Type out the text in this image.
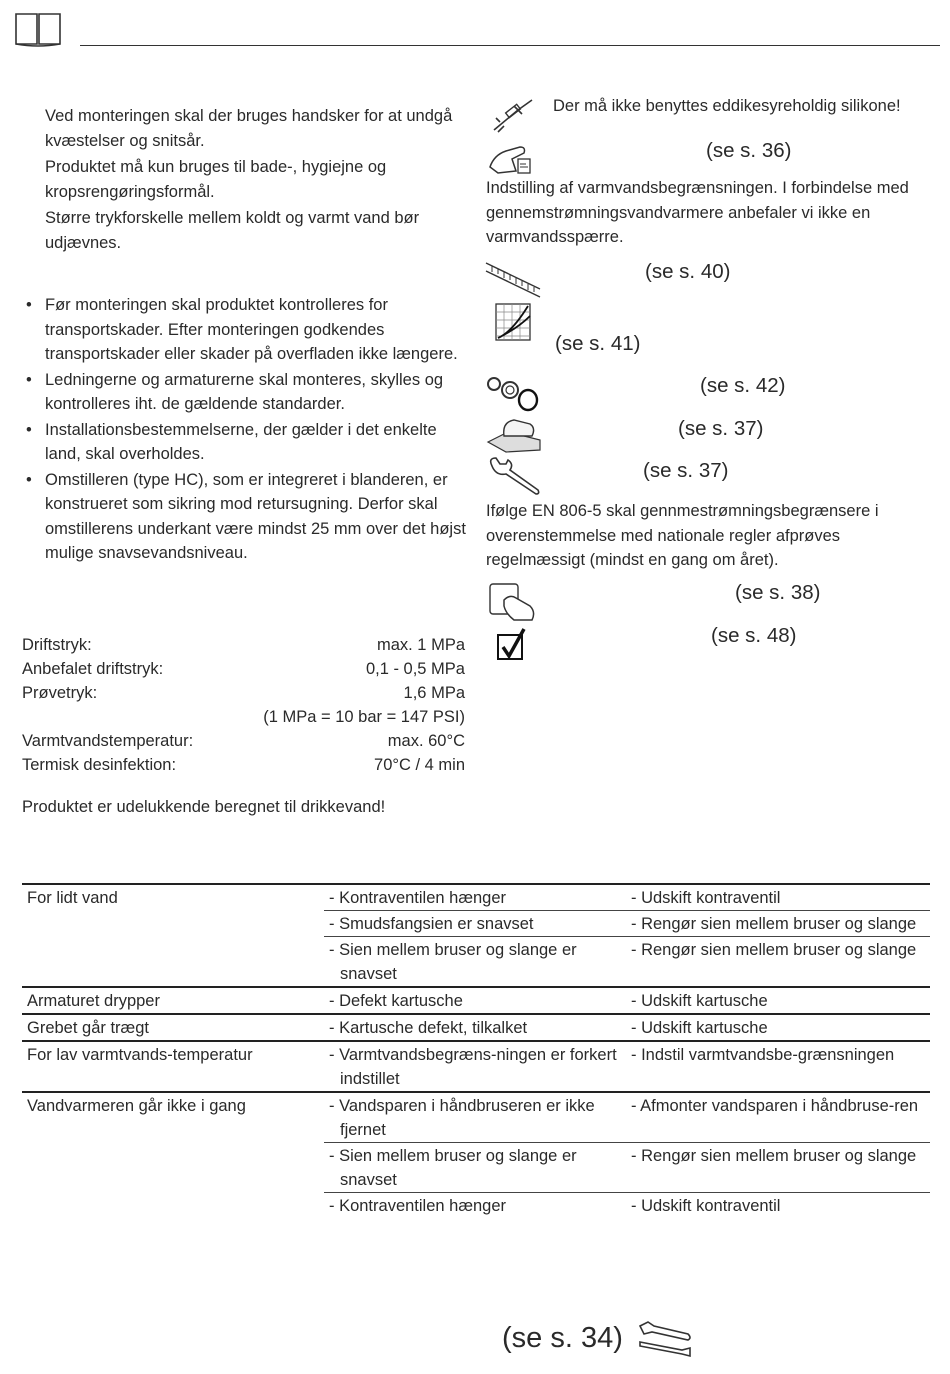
Ved monteringen skal der bruges handsker for at undgå kvæstelser og snitsår.

Produktet må kun bruges til bade-, hygiejne og kropsrengøringsformål.

Større trykforskelle mellem koldt og varmt vand bør udjævnes.

• Før monteringen skal produktet kontrolleres for transportskader. Efter monteringen godkendes transportskader eller skader på overfladen ikke længere.
• Ledningerne og armaturerne skal monteres, skylles og kontrolleres iht. de gældende standarder.
• Installationsbestemmelserne, der gælder i det enkelte land, skal overholdes.
• Omstilleren (type HC), som er integreret i blanderen, er konstrueret som sikring mod retursugning. Derfor skal omstillerens underkant være mindst 25 mm over det højst mulige snavsevandsniveau.
Driftstryk:	max. 1 MPa
Anbefalet driftstryk:	0,1 - 0,5 MPa
Prøvetryk:	1,6 MPa
(1 MPa = 10 bar = 147 PSI)
Varmtvandstemperatur:	max. 60°C
Termisk desinfektion:	70°C / 4 min
Produktet er udelukkende beregnet til drikkevand!
Der må ikke benyttes eddikesyreholdig silikone!
(se s. 36)
Indstilling af varmvandsbegrænsningen. I forbindelse med gennemstrømningsvandvarmere anbefaler vi ikke en varmvandsspærre.
(se s. 40)
(se s. 41)
(se s. 42)
(se s. 37)
(se s. 37)
Ifølge EN 806-5 skal gennmestrømningsbegrænsere i overenstemmelse med nationale regler afprøves regelmæssigt (mindst en gang om året).
(se s. 38)
(se s. 48)
For lidt vand	- Kontraventilen hænger	- Udskift kontraventil

	- Smudsfangsien er snavset	- Rengør sien mellem bruser og slange

	- Sien mellem bruser og slange er snavset	- Rengør sien mellem bruser og slange

Armaturet drypper	- Defekt kartusche	- Udskift kartusche

Grebet går trægt	- Kartusche defekt, tilkalket	- Udskift kartusche

For lav varmtvands-temperatur	- Varmtvandsbegræns-ningen er forkert indstillet	- Indstil varmtvandsbe-grænsningen

Vandvarmeren går ikke i gang	- Vandsparen i håndbruseren er ikke fjernet	- Afmonter vandsparen i håndbruse-ren

	- Sien mellem bruser og slange er snavset	- Rengør sien mellem bruser og slange

	- Kontraventilen hænger	- Udskift kontraventil
(se s. 34)
